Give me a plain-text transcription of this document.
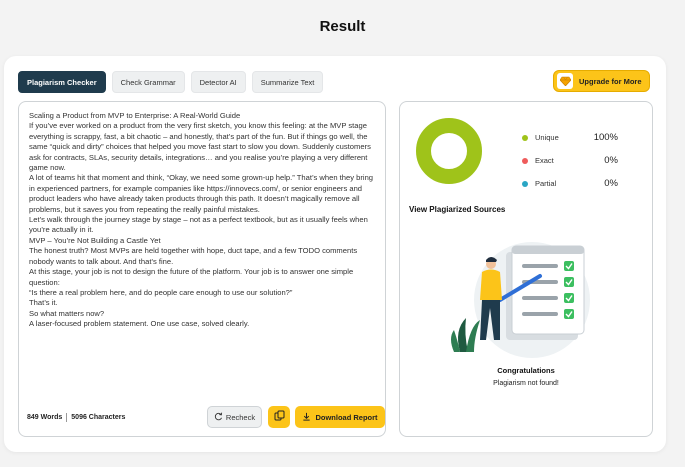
Result
Plagiarism Checker	Check Grammar	Detector AI	Summarize Text	Upgrade for More

Scaling a Product from MVP to Enterprise: A Real-World Guide

If you’ve ever worked on a product from the very first sketch, you know this feeling: at the MVP stage everything is scrappy, fast, a bit chaotic – and honestly, that’s part of the fun. But if things go well, the same “quick and dirty” choices that helped you move fast start to slow you down. Suddenly customers ask for contracts, SLAs, security details, integrations… and you realise you’re playing a very different game now.

A lot of teams hit that moment and think, “Okay, we need some grown-up help.” That’s when they bring in experienced partners, for example companies like https://innovecs.com/, or senior engineers and product leaders who have already taken products through this path. It doesn’t magically remove all problems, but it saves you from repeating the really painful mistakes.

Let’s walk through the journey stage by stage – not as a perfect textbook, but as it usually feels when you’re actually in it.

MVP – You’re Not Building a Castle Yet

The honest truth? Most MVPs are held together with hope, duct tape, and a few TODO comments nobody wants to talk about. And that’s fine.

At this stage, your job is not to design the future of the platform. Your job is to answer one simple question:

“Is there a real problem here, and do people care enough to use our solution?”

That’s it.

So what matters now?

A laser-focused problem statement. One use case, solved clearly.

849 Words 5096 Characters	Recheck	Download Report
Unique	100%
Exact	0%
Partial	0%
View Plagiarized Sources
Congratulations
Plagiarism not found!
